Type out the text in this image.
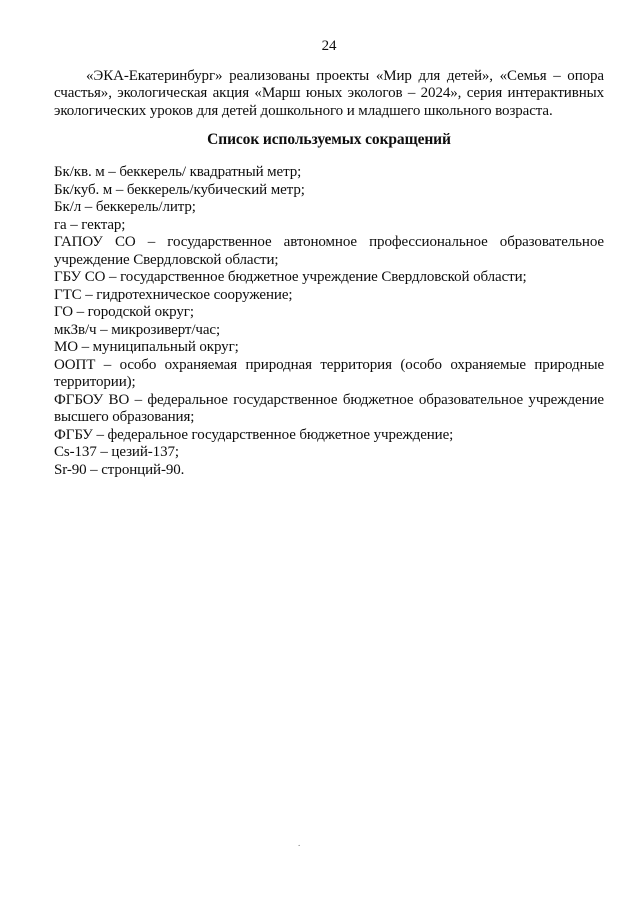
24

«ЭКА-Екатеринбург» реализованы проекты «Мир для детей», «Семья – опора счастья», экологическая акция «Марш юных экологов – 2024», серия интерактивных экологических уроков для детей дошкольного и младшего школьного возраста.

Список используемых сокращений

Бк/кв. м – беккерель/ квадратный метр;

Бк/куб. м – беккерель/кубический метр;

Бк/л – беккерель/литр;

га – гектар;

ГАПОУ СО – государственное автономное профессиональное образовательное учреждение Свердловской области;

ГБУ СО – государственное бюджетное учреждение Свердловской области;

ГТС – гидротехническое сооружение;

ГО – городской округ;

мкЗв/ч – микрозиверт/час;

МО – муниципальный округ;

ООПТ – особо охраняемая природная территория (особо охраняемые природные территории);

ФГБОУ ВО – федеральное государственное бюджетное образовательное учреждение высшего образования;

ФГБУ – федеральное государственное бюджетное учреждение;

Cs-137 – цезий-137;

Sr-90 – стронций-90.

.
